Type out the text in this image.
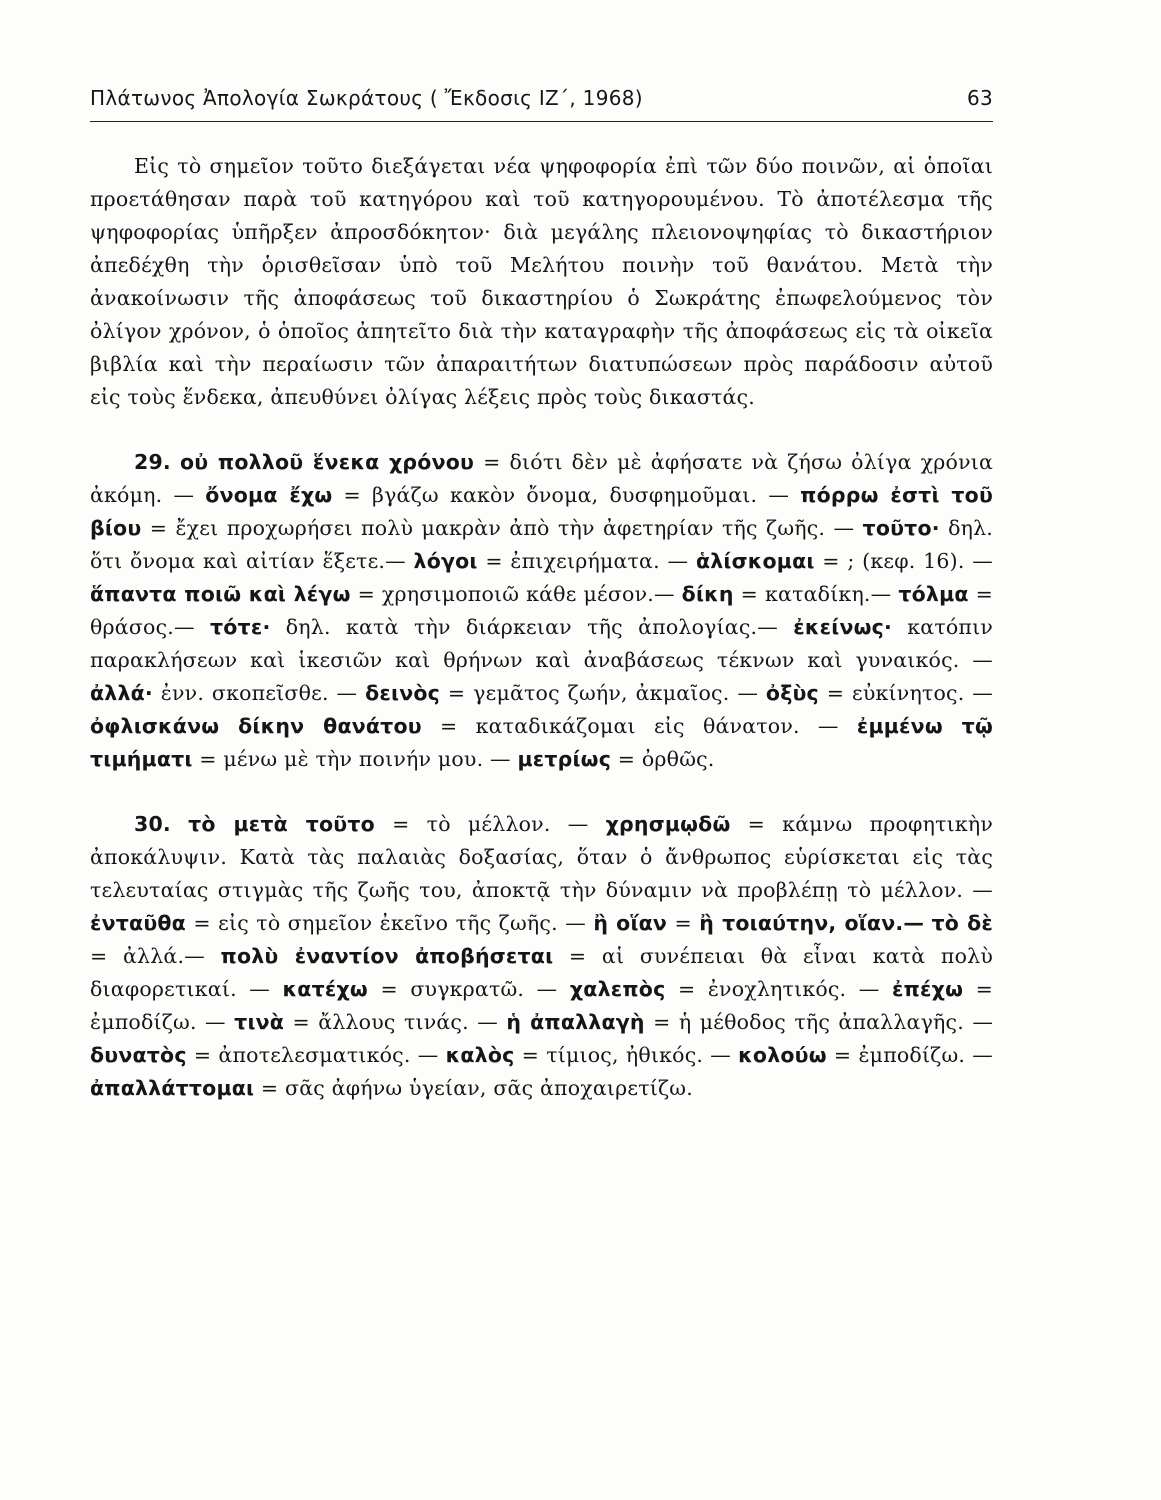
Πλάτωνος Ἀπολογία Σωκράτους ( Ἔκδοσις ΙΖ΄, 1968)	63

Εἰς τὸ σημεῖον τοῦτο διεξάγεται νέα ψηφοφορία ἐπὶ τῶν δύο ποινῶν, αἱ ὁποῖαι προετάθησαν παρὰ τοῦ κατηγόρου καὶ τοῦ κατηγορουμένου. Τὸ ἀποτέλεσμα τῆς ψηφοφορίας ὑπῆρξεν ἀπροσδόκητον· διὰ μεγάλης πλειονοψηφίας τὸ δικαστήριον ἀπεδέχθη τὴν ὁρισθεῖσαν ὑπὸ τοῦ Μελήτου ποινὴν τοῦ θανάτου. Μετὰ τὴν ἀνακοίνωσιν τῆς ἀποφάσεως τοῦ δικαστηρίου ὁ Σωκράτης ἐπωφελούμενος τὸν ὀλίγον χρόνον, ὁ ὁποῖος ἀπητεῖτο διὰ τὴν καταγραφὴν τῆς ἀποφάσεως εἰς τὰ οἰκεῖα βιβλία καὶ τὴν περαίωσιν τῶν ἀπαραιτήτων διατυπώσεων πρὸς παράδοσιν αὐτοῦ εἰς τοὺς ἕνδεκα, ἀπευθύνει ὀλίγας λέξεις πρὸς τοὺς δικαστάς.

29. οὐ πολλοῦ ἕνεκα χρόνου = διότι δὲν μὲ ἀφήσατε νὰ ζήσω ὀλίγα χρόνια ἀκόμη. — ὄνομα ἔχω = βγάζω κακὸν ὄνομα, δυσφημοῦμαι. — πόρρω ἐστὶ τοῦ βίου = ἔχει προχωρήσει πολὺ μακρὰν ἀπὸ τὴν ἀφετηρίαν τῆς ζωῆς. — τοῦτο· δηλ. ὅτι ὄνομα καὶ αἰτίαν ἕξετε.— λόγοι = ἐπιχειρήματα. — ἁλίσκομαι = ; (κεφ. 16). — ἅπαντα ποιῶ καὶ λέγω = χρησιμοποιῶ κάθε μέσον.— δίκη = καταδίκη.— τόλμα = θράσος.— τότε· δηλ. κατὰ τὴν διάρκειαν τῆς ἀπολογίας.— ἐκείνως· κατόπιν παρακλήσεων καὶ ἱκεσιῶν καὶ θρήνων καὶ ἀναβάσεως τέκνων καὶ γυναικός. — ἀλλά· ἐνν. σκοπεῖσθε. — δεινὸς = γεμᾶτος ζωήν, ἀκμαῖος. — ὀξὺς = εὐκίνητος. — ὀφλισκάνω δίκην θανάτου = καταδικάζομαι εἰς θάνατον. — ἐμμένω τῷ τιμήματι = μένω μὲ τὴν ποινήν μου. — μετρίως = ὀρθῶς.

30. τὸ μετὰ τοῦτο = τὸ μέλλον. — χρησμῳδῶ = κάμνω προφητικὴν ἀποκάλυψιν. Κατὰ τὰς παλαιὰς δοξασίας, ὅταν ὁ ἄνθρωπος εὑρίσκεται εἰς τὰς τελευταίας στιγμὰς τῆς ζωῆς του, ἀποκτᾷ τὴν δύναμιν νὰ προβλέπῃ τὸ μέλλον. — ἐνταῦθα = εἰς τὸ σημεῖον ἐκεῖνο τῆς ζωῆς. — ἢ οἵαν = ἢ τοιαύτην, οἵαν.— τὸ δὲ = ἀλλά.— πολὺ ἐναντίον ἀποβήσεται = αἱ συνέπειαι θὰ εἶναι κατὰ πολὺ διαφορετικαί. — κατέχω = συγκρατῶ. — χαλεπὸς = ἐνοχλητικός. — ἐπέχω = ἐμποδίζω. — τινὰ = ἄλλους τινάς. — ἡ ἀπαλλαγὴ = ἡ μέθοδος τῆς ἀπαλλαγῆς. — δυνατὸς = ἀποτελεσματικός. — καλὸς = τίμιος, ἠθικός. — κολούω = ἐμποδίζω. — ἀπαλλάττομαι = σᾶς ἀφήνω ὑγείαν, σᾶς ἀποχαιρετίζω.
